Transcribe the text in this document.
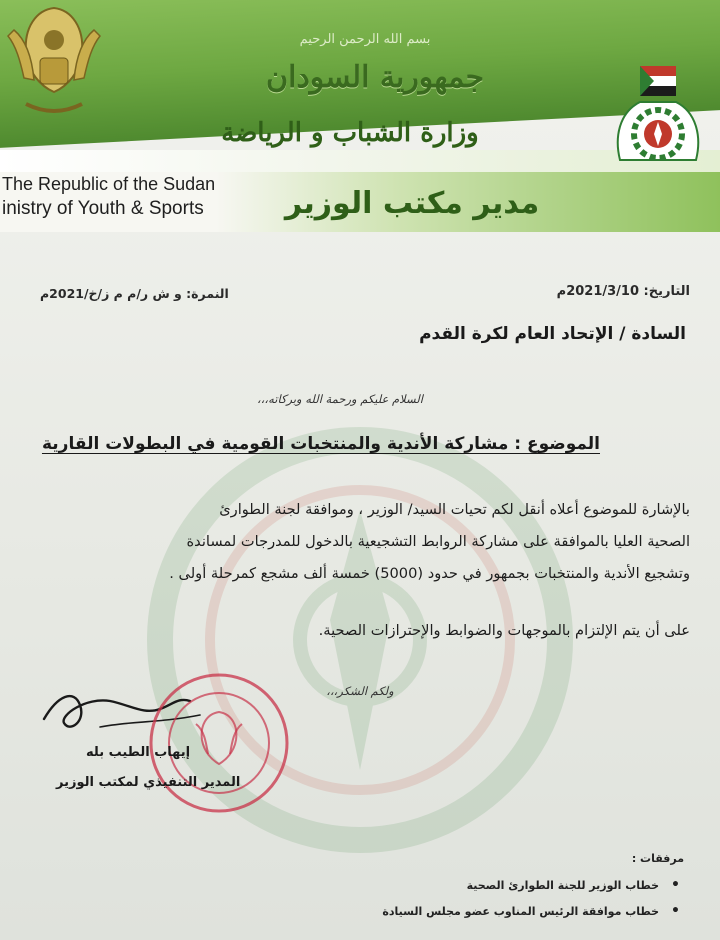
بسم الله الرحمن الرحيم
جمهورية السودان
وزارة الشباب و الرياضة
The Republic of the Sudan
inistry of Youth & Sports	مدير مكتب الوزير
التاريخ: 2021/3/10م
النمرة: و ش ر/م م ز/خ/2021م
السادة / الإتحاد العام لكرة القدم
السلام عليكم ورحمة الله وبركاته،،،
الموضوع : مشاركة الأندية والمنتخبات القومية في البطولات القارية
بالإشارة للموضوع أعلاه أنقل لكم تحيات السيد/ الوزير ، وموافقة لجنة الطوارئ
الصحية العليا بالموافقة على مشاركة الروابط التشجيعية بالدخول للمدرجات لمساندة
وتشجيع الأندية والمنتخبات بجمهور في حدود (5000) خمسة ألف مشجع كمرحلة أولى .
على أن يتم الإلتزام بالموجهات والضوابط والإحترازات الصحية.
ولكم الشكر،،،
إيهاب الطيب بله
المدير التنفيذي لمكتب الوزير
مرفقات :
• خطاب الوزير للجنة الطوارئ الصحية
• خطاب موافقة الرئيس المناوب عضو مجلس السيادة
